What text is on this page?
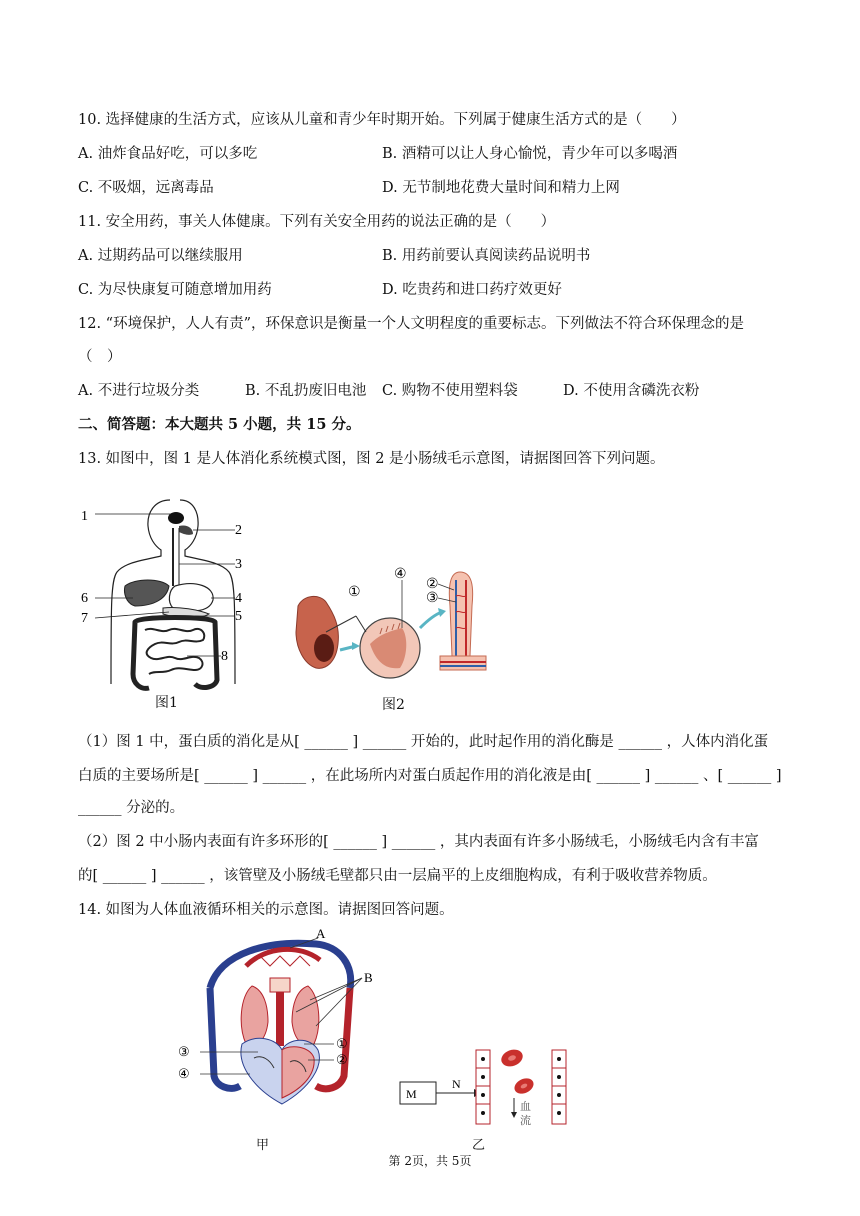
10. 选择健康的生活方式，应该从儿童和青少年时期开始。下列属于健康生活方式的是（　　）
A. 油炸食品好吃，可以多吃	B. 酒精可以让人身心愉悦，青少年可以多喝酒
C. 不吸烟，远离毒品	D. 无节制地花费大量时间和精力上网
11. 安全用药，事关人体健康。下列有关安全用药的说法正确的是（　　）
A. 过期药品可以继续服用	B. 用药前要认真阅读药品说明书
C. 为尽快康复可随意增加用药	D. 吃贵药和进口药疗效更好
12. “环境保护，人人有责”，环保意识是衡量一个人文明程度的重要标志。下列做法不符合环保理念的是
（　）
A. 不进行垃圾分类	B. 不乱扔废旧电池 C. 购物不使用塑料袋	D. 不使用含磷洗衣粉
二、简答题：本大题共 5 小题，共 15 分。
13. 如图中，图 1 是人体消化系统模式图，图 2 是小肠绒毛示意图，请据图回答下列问题。
1
2
3
4
5
6
7
8
图1
①
②
③
④
图2
（1）图 1 中，蛋白质的消化是从[ ______ ] ______ 开始的，此时起作用的消化酶是 ______ ，人体内消化蛋
白质的主要场所是[ ______ ] ______ ，在此场所内对蛋白质起作用的消化液是由[ ______ ] ______ 、[ ______ ]
______ 分泌的。
（2）图 2 中小肠内表面有许多环形的[ ______ ] ______ ，其内表面有许多小肠绒毛，小肠绒毛内含有丰富
的[ ______ ] ______ ，该管壁及小肠绒毛壁都只由一层扁平的上皮细胞构成，有利于吸收营养物质。
14. 如图为人体血液循环相关的示意图。请据图回答问题。
A
B
①
②
③
④
甲
M
N
血
流
乙
第 2页，共 5页
